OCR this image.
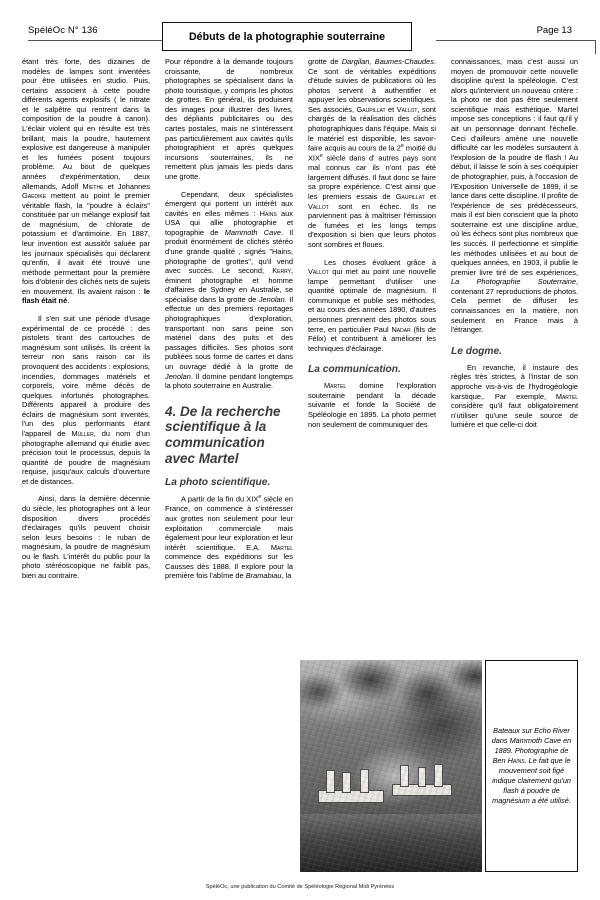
SpéléOc N° 136	Débuts de la photographie souterraine	Page 13

étant très forte, des dizaines de modèles de lampes sont inventées pour être utilisées en studio. Puis, certains associent à cette poudre différents agents explosifs ( le nitrate et le salpêtre qui rentrent dans la composition de la poudre à canon). L'éclair violent qui en résulte est très brillant, mais la poudre, hautement explosive est dangereuse à manipuler et les fumées posent toujours problème. Au bout de quelques années d'expérimentation, deux allemands, Adolf Miethe et Johannes Gaedike mettent au point le premier véritable flash, la "poudre à éclairs" constituée par un mélange explosif fait de magnésium, de chlorate de potassium et d'antimoine. En 1887, leur invention est aussitôt saluée par les journaux spécialisés qui déclarent qu'enfin, il avait été trouvé une méthode permettant pour la première fois d'obtenir des clichés nets de sujets en mouvement. Ils avaient raison : le flash était né.

Il s'en suit une période d'usage expérimental de ce procédé : des pistolets tirant des cartouches de magnésium sont utilisés. Ils créent la terreur non sans raison car ils provoquent des accidents : explosions, incendies, dommages matériels et corporels, voire même décès de quelques infortunés photographes. Différents appareil à produire des éclairs de magnésium sont inventés, l'un des plus performants étant l'appareil de Müller, du nom d'un photographe allemand qui étudie avec précision tout le processus, depuis la quantité de poudre de magnésium requise, jusqu'aux calculs d'ouverture et de distances.

Ainsi, dans la dernière décennie du siècle, les photographes ont à leur disposition divers procédés d'éclairages qu'ils peuvent choisir selon leurs besoins : le ruban de magnésium, la poudre de magnésium ou le flash. L'intérêt du public pour la photo stéréoscopique ne faiblit pas, bien au contraire.

Pour répondre à la demande toujours croissante, de nombreux photographes se spécialisent dans la photo touristique, y compris les photos de grottes. En général, ils produisent des images pour illustrer des livres, des dépliants publicitaires ou des cartes postales, mais ne s'intéressent pas particulièrement aux cavités qu'ils photographient et après quelques incursions souterraines, ils ne remettent plus jamais les pieds dans une grotte.

Cependant, deux spécialistes émergent qui portent un intérêt aux cavités en elles mêmes : Hains aux USA qui allie photographie et topographie de Mammoth Cave. Il produit énormément de clichés stéréo d'une grande qualité , signés "Hains, photographe de grottes", qu'il vend avec succès. Le second, Kerry, éminent photographe et homme d'affaires de Sydney en Australie, se spécialise dans la grotte de Jenolan. Il effectue un des premiers reportages photographiques d'exploration, transportant non sans peine son matériel dans des puits et des passages difficiles. Ses photos sont publiées sous forme de cartes et dans un ouvrage dédié à la grotte de Jenolan. Il domine pendant longtemps la photo souterraine en Australie.

4. De la recherche scientifique à la communication avec Martel
La photo scientifique.

A partir de la fin du XIXe siècle en France, on commence à s'intéresser aux grottes non seulement pour leur exploitation commerciale mais également pour leur exploration et leur intérêt scientifique. E.A. Martel commence des expéditions sur les Causses dès 1888. Il explore pour la première fois l'abîme de Bramabiau, la

grotte de Dargilan, Baumes-Chaudes. Ce sont de véritables expéditions d'étude suivies de publications où les photos servent à authentifier et appuyer les observations scientifiques. Ses associés, Gaupillat et Vallot, sont chargés de la réalisation des clichés photographiques dans l'équipe. Mais si le matériel est disponible, les savoir-faire acquis au cours de la 2e moitié du XIXe siècle dans d' autres pays sont mal connus car ils n'ont pas été largement diffusés. Il faut donc se faire sa propre expérience. C'est ainsi que les premiers essais de Gaupillat et Vallot sont en échec. Ils ne parviennent pas à maîtriser l'émission de fumées et les longs temps d'exposition si bien que leurs photos sont sombres et floues.

Les choses évoluent grâce à Vallot qui met au point une nouvelle lampe permettant d'utiliser une quantité optimale de magnésium. Il communique et publie ses méthodes, et au cours des années 1890, d'autres personnes prennent des photos sous terre, en particulier Paul Nadar (fils de Félix) et contribuent à améliorer les techniques d'éclairage.

La communication.

Martel domine l'exploration souterraine pendant la décade suivante et fonde la Société de Spéléologie en 1895. La photo permet non seulement de communiquer des

connaissances, mais c'est aussi un moyen de promouvoir cette nouvelle discipline qu'est la spéléologie. C'est alors qu'intervient un nouveau critère : la photo ne doit pas être seulement scientifique mais esthétique. Martel impose ses conceptions : il faut qu'il y ait un personnage donnant l'échelle. Ceci d'ailleurs amène une nouvelle difficulté car les modèles sursautent à l'explosion de la poudre de flash ! Au début, il laisse le soin à ses coéquipier de photographier, puis, à l'occasion de l'Exposition Universelle de 1899, il se lance dans cette discipline. Il profite de l'expérience de ses prédécesseurs, mais il est bien conscient que la photo souterraine est une discipline ardue, où les échecs sont plus nombreux que les succès. Il perfectionne et simplifie les méthodes utilisées et au bout de quelques années, en 1903, il publie le premier livre tiré de ses expériences, La Photographie Souterraine, contenant 27 reproductions de photos. Cela permet de diffuser les connaissances en la matière, non seulement en France mais à l'étranger.

Le dogme.

En revanche, il instaure des règles très strictes, à l'instar de son approche vis-à-vis de l'hydrogéologie karstique,. Par exemple, Martel considère qu'il faut obligatoirement n'utiliser qu'une seule source de lumière et que celle-ci doit

Bateaux sur Echo River dans Mammoth Cave en 1889. Photographie de Ben Hains. Le fait que le mouvement soit figé indique clairement qu'un flash á poudre de magnésium a été utilisé.
SpéléOc, une publication du Comité de Spéléologie Régional Midi Pyrénées
